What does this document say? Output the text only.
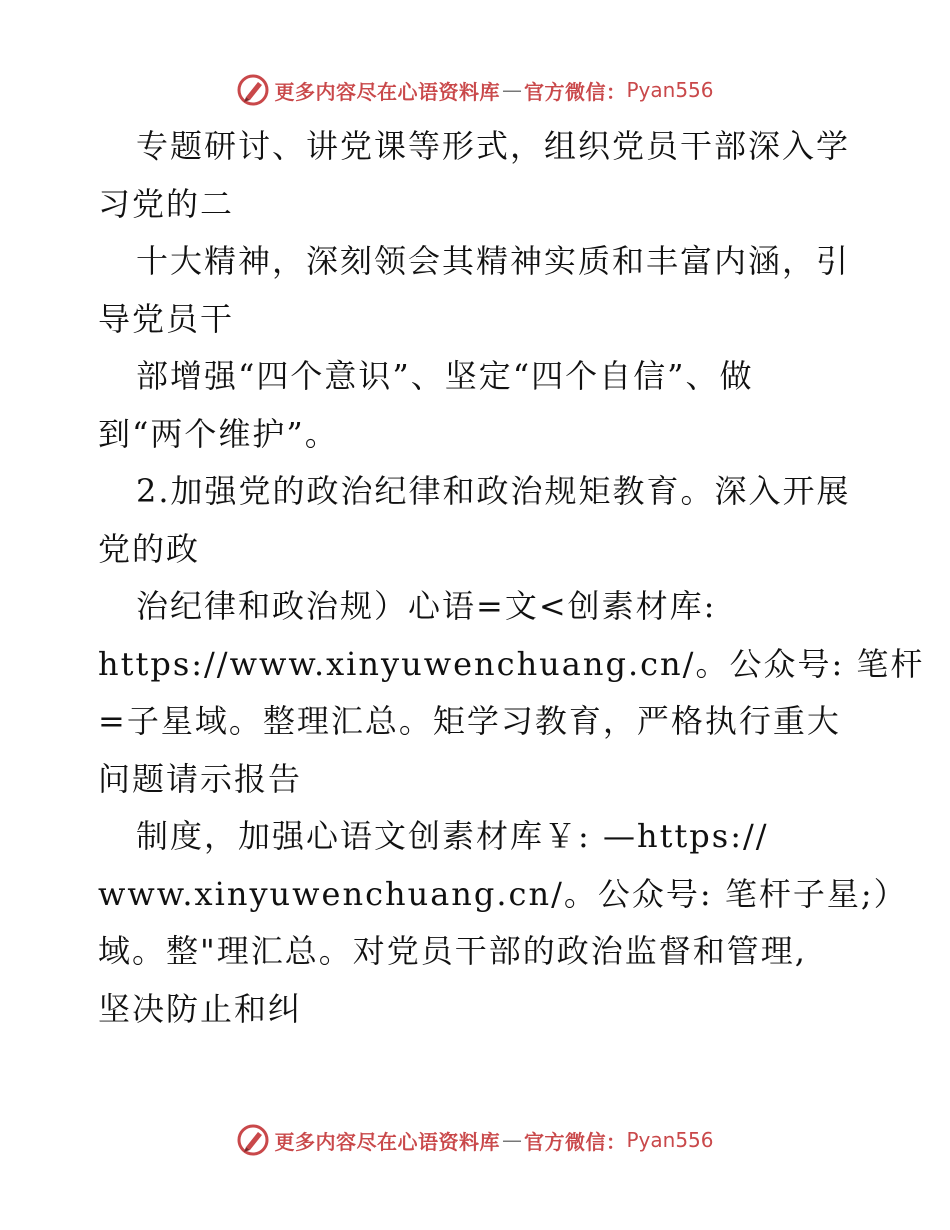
更多内容尽在心语资料库 — 官方微信： Pyan556
专题研讨、讲党课等形式，组织党员干部深入学
习党的二
十大精神，深刻领会其精神实质和丰富内涵，引
导党员干
部增强“四个意识”、坚定“四个自信”、做
到“两个维护”。
2.加强党的政治纪律和政治规矩教育。深入开展
党的政
治纪律和政治规）心语=文<创素材库:
https://www.xinyuwenchuang.cn/。公众号: 笔杆
=子星域。整理汇总。矩学习教育，严格执行重大
问题请示报告
制度，加强心语文创素材库￥: —https://
www.xinyuwenchuang.cn/。公众号: 笔杆子星;）
域。整"理汇总。对党员干部的政治监督和管理,
坚决防止和纠
更多内容尽在心语资料库 — 官方微信： Pyan556
